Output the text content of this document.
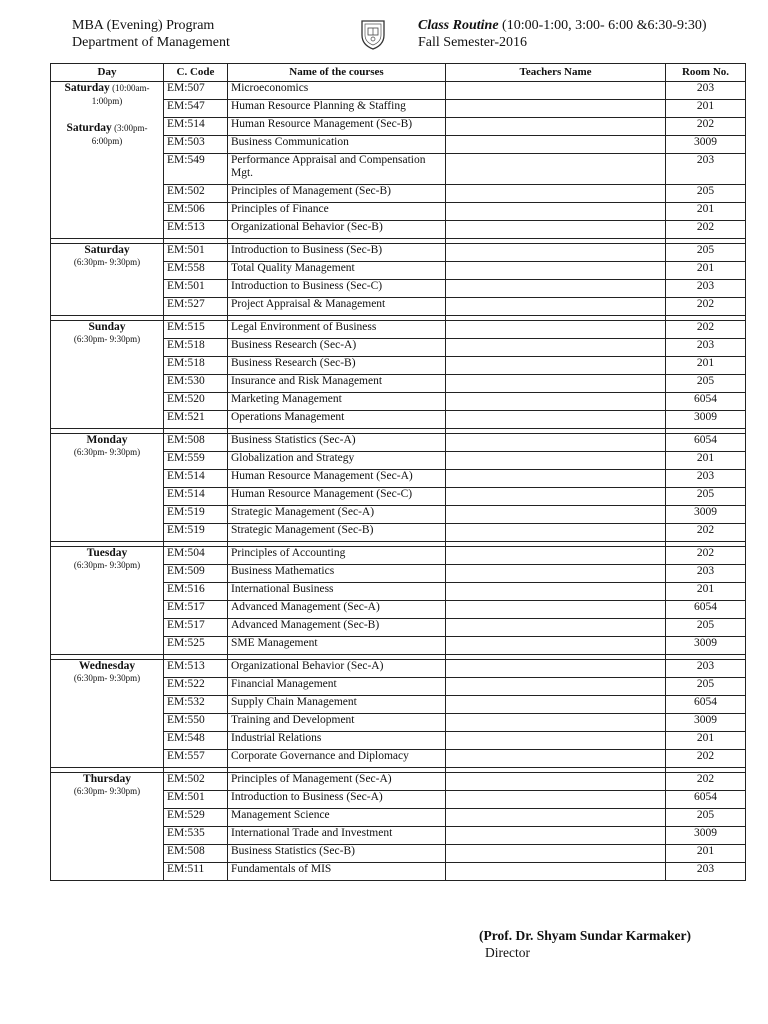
MBA (Evening) Program
Department of Management
Class Routine (10:00-1:00, 3:00- 6:00 &6:30-9:30)
Fall Semester-2016
Day	C. Code	Name of the courses	Teachers Name	Room No.

Saturday (10:00am-1:00pm)
Saturday (3:00pm-6:00pm)	EM:507	Microeconomics		203
	EM:547	Human Resource Planning & Staffing		201
	EM:514	Human Resource Management (Sec-B)		202
	EM:503	Business Communication		3009
	EM:549	Performance Appraisal and Compensation Mgt.		203
	EM:502	Principles of Management (Sec-B)		205
	EM:506	Principles of Finance		201
	EM:513	Organizational Behavior (Sec-B)		202

Saturday
(6:30pm- 9:30pm)	EM:501	Introduction to Business (Sec-B)		205
	EM:558	Total Quality Management		201
	EM:501	Introduction to Business (Sec-C)		203
	EM:527	Project Appraisal & Management		202

Sunday
(6:30pm- 9:30pm)	EM:515	Legal Environment of Business		202
	EM:518	Business Research (Sec-A)		203
	EM:518	Business Research (Sec-B)		201
	EM:530	Insurance and Risk Management		205
	EM:520	Marketing Management		6054
	EM:521	Operations Management		3009

Monday
(6:30pm- 9:30pm)	EM:508	Business Statistics (Sec-A)		6054
	EM:559	Globalization and Strategy		201
	EM:514	Human Resource Management (Sec-A)		203
	EM:514	Human Resource Management (Sec-C)		205
	EM:519	Strategic Management (Sec-A)		3009
	EM:519	Strategic Management (Sec-B)		202

Tuesday
(6:30pm- 9:30pm)	EM:504	Principles of Accounting		202
	EM:509	Business Mathematics		203
	EM:516	International Business		201
	EM:517	Advanced Management (Sec-A)		6054
	EM:517	Advanced Management (Sec-B)		205
	EM:525	SME Management		3009

Wednesday
(6:30pm- 9:30pm)	EM:513	Organizational Behavior (Sec-A)		203
	EM:522	Financial Management		205
	EM:532	Supply Chain Management		6054
	EM:550	Training and Development		3009
	EM:548	Industrial Relations		201
	EM:557	Corporate Governance and Diplomacy		202

Thursday
(6:30pm- 9:30pm)	EM:502	Principles of Management (Sec-A)		202
	EM:501	Introduction to Business (Sec-A)		6054
	EM:529	Management Science		205
	EM:535	International Trade and Investment		3009
	EM:508	Business Statistics (Sec-B)		201
	EM:511	Fundamentals of MIS		203
(Prof. Dr. Shyam Sundar Karmaker)
Director
